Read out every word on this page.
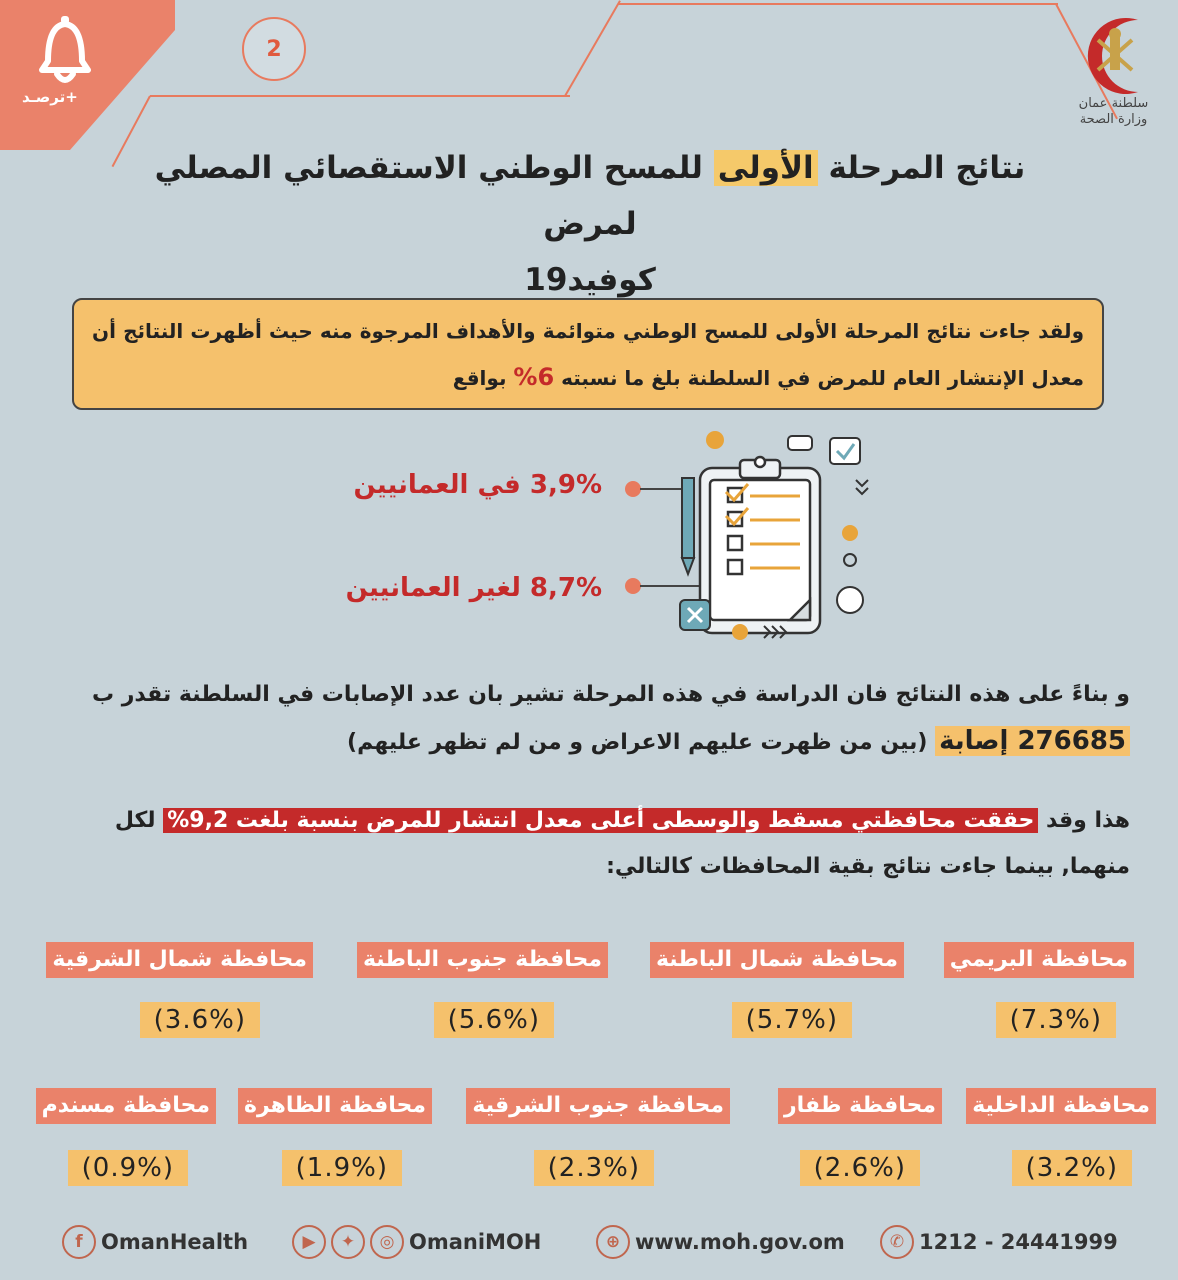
ترصـد+
2
سلطنة عمان
وزارة الصحة
نتائج المرحلة الأولى للمسح الوطني الاستقصائي المصلي لمرض
كوفيد19
ولقد جاءت نتائج المرحلة الأولى للمسح الوطني متوائمة والأهداف المرجوة منه حيث أظهرت النتائج أن معدل الإنتشار العام للمرض في السلطنة بلغ ما نسبته 6% بواقع
3,9% في العمانيين
8,7% لغير العمانيين
و بناءً على هذه النتائج فان الدراسة في هذه المرحلة تشير بان عدد الإصابات في السلطنة تقدر ب
276685 إصابة (بين من ظهرت عليهم الاعراض و من لم تظهر عليهم)
هذا وقد حققت محافظتي مسقط والوسطى أعلى معدل انتشار للمرض بنسبة بلغت 9,2% لكل
منهما, بينما جاءت نتائج بقية المحافظات كالتالي:
محافظة البريمي
(7.3%)
محافظة شمال الباطنة
(5.7%)
محافظة جنوب الباطنة
(5.6%)
محافظة شمال الشرقية
(3.6%)
محافظة الداخلية
(3.2%)
محافظة ظفار
(2.6%)
محافظة جنوب الشرقية
(2.3%)
محافظة الظاهرة
(1.9%)
محافظة مسندم
(0.9%)
f OmanHealth	▶	✦	◎ OmaniMOH	⊕ www.moh.gov.om	✆ 1212 - 24441999
